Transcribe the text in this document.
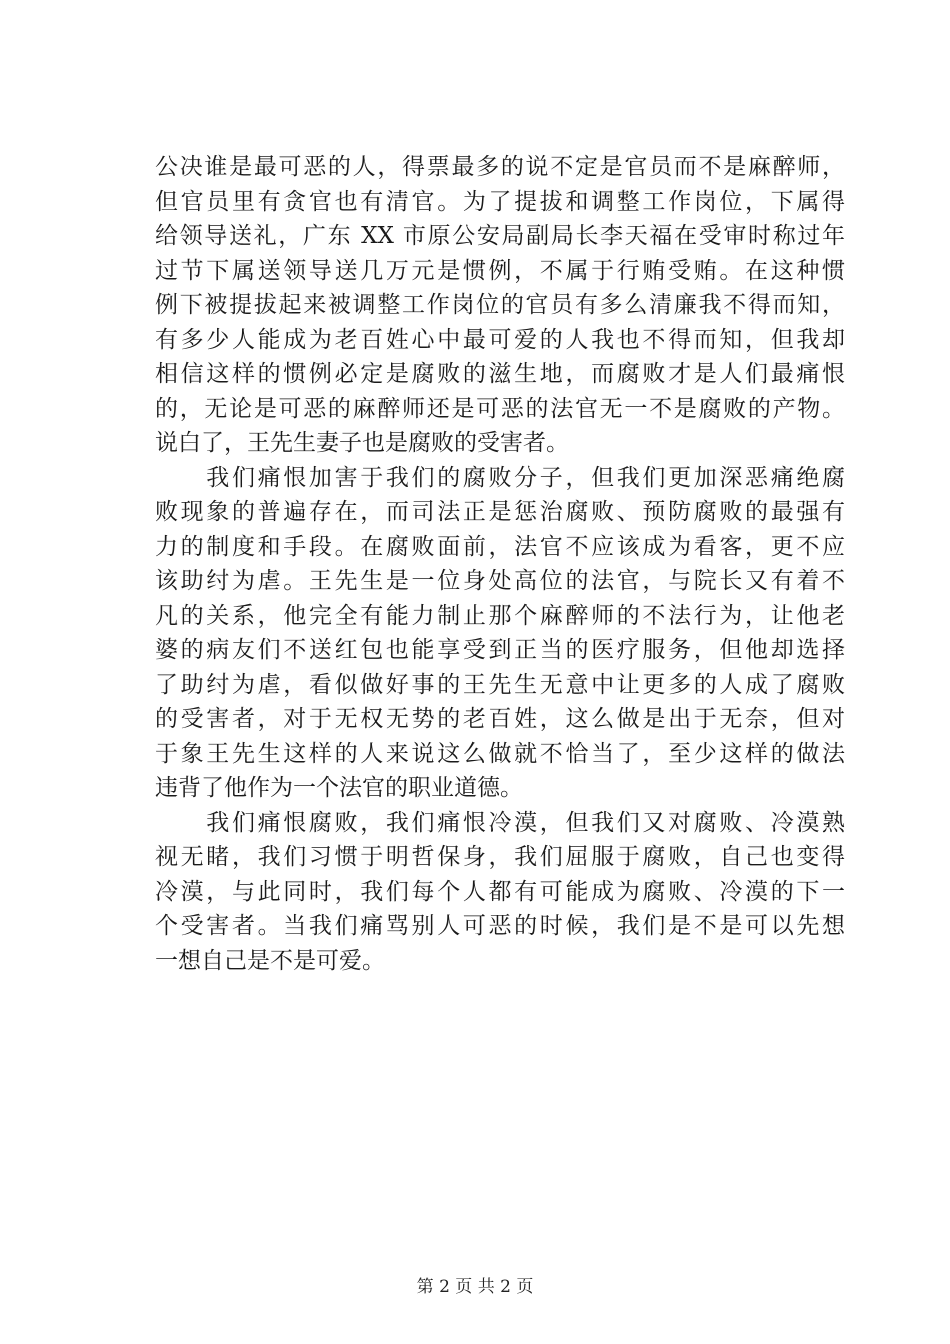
公决谁是最可恶的人，得票最多的说不定是官员而不是麻醉师，
但官员里有贪官也有清官。为了提拔和调整工作岗位，下属得
给领导送礼，广东 XX 市原公安局副局长李天福在受审时称过年
过节下属送领导送几万元是惯例，不属于行贿受贿。在这种惯
例下被提拔起来被调整工作岗位的官员有多么清廉我不得而知，
有多少人能成为老百姓心中最可爱的人我也不得而知，但我却
相信这样的惯例必定是腐败的滋生地，而腐败才是人们最痛恨
的，无论是可恶的麻醉师还是可恶的法官无一不是腐败的产物。
说白了，王先生妻子也是腐败的受害者。
　　我们痛恨加害于我们的腐败分子，但我们更加深恶痛绝腐
败现象的普遍存在，而司法正是惩治腐败、预防腐败的最强有
力的制度和手段。在腐败面前，法官不应该成为看客，更不应
该助纣为虐。王先生是一位身处高位的法官，与院长又有着不
凡的关系，他完全有能力制止那个麻醉师的不法行为，让他老
婆的病友们不送红包也能享受到正当的医疗服务，但他却选择
了助纣为虐，看似做好事的王先生无意中让更多的人成了腐败
的受害者，对于无权无势的老百姓，这么做是出于无奈，但对
于象王先生这样的人来说这么做就不恰当了，至少这样的做法
违背了他作为一个法官的职业道德。
　　我们痛恨腐败，我们痛恨冷漠，但我们又对腐败、冷漠熟
视无睹，我们习惯于明哲保身，我们屈服于腐败，自己也变得
冷漠，与此同时，我们每个人都有可能成为腐败、冷漠的下一
个受害者。当我们痛骂别人可恶的时候，我们是不是可以先想
一想自己是不是可爱。
第 2 页 共 2 页
